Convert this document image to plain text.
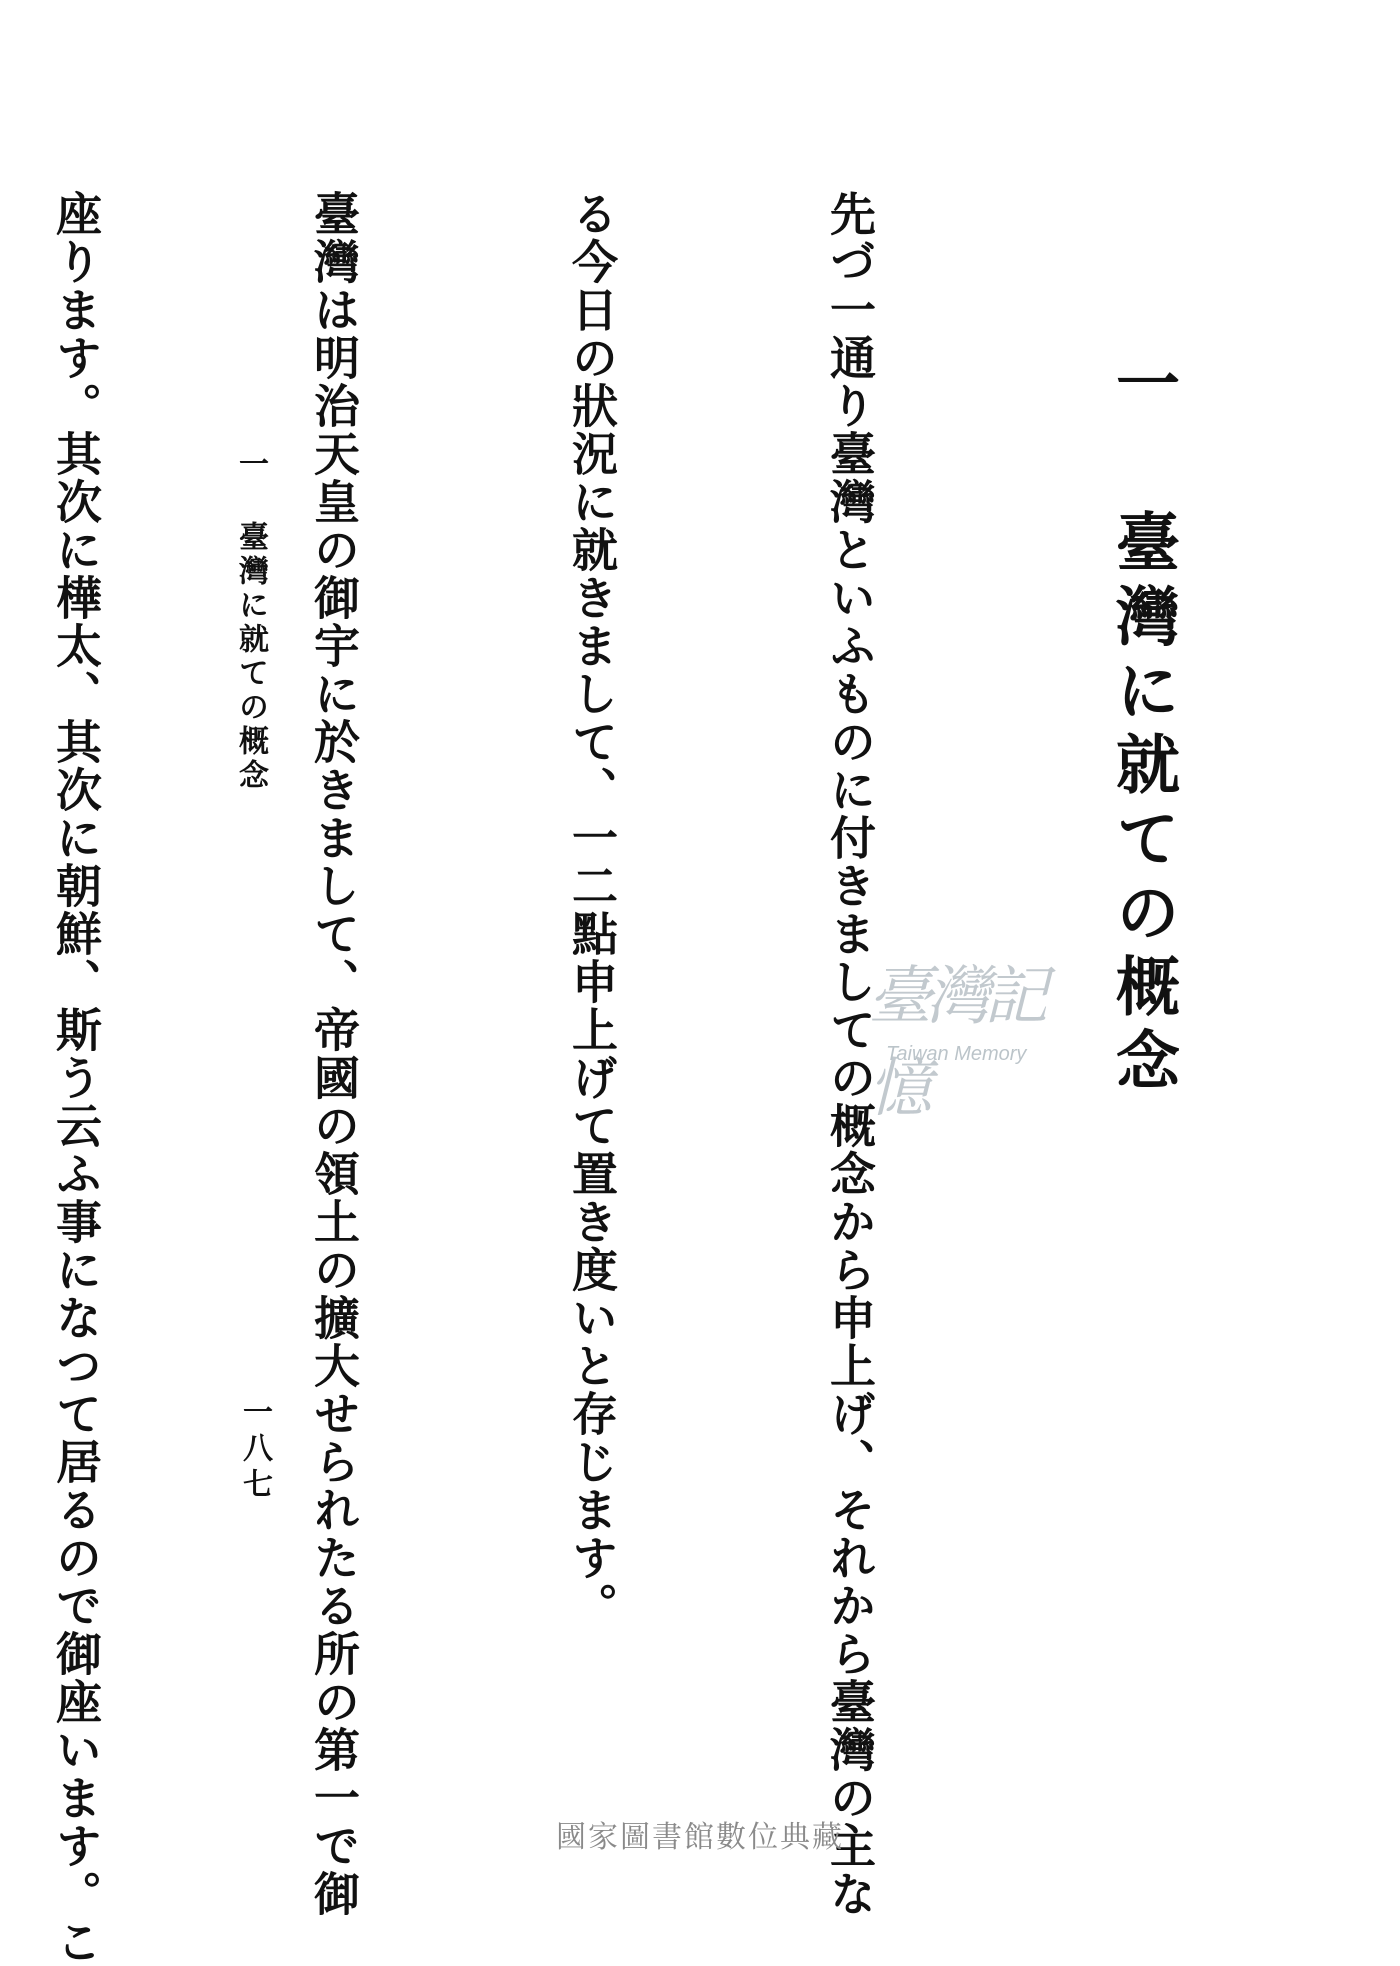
一 臺灣に就ての概念

先づ一通り臺灣といふものに付きましての概念から申上げ、それから臺灣の主な

る今日の狀況に就きまして、一二點申上げて置き度いと存じます。

臺灣は明治天皇の御宇に於きまして、帝國の領土の擴大せられたる所の第一で御

座ります。其次に樺太、其次に朝鮮、斯う云ふ事になつて居るので御座います。こ

	一 臺灣に就ての概念
一八七
臺灣記憶
Taiwan Memory
國家圖書館數位典藏
